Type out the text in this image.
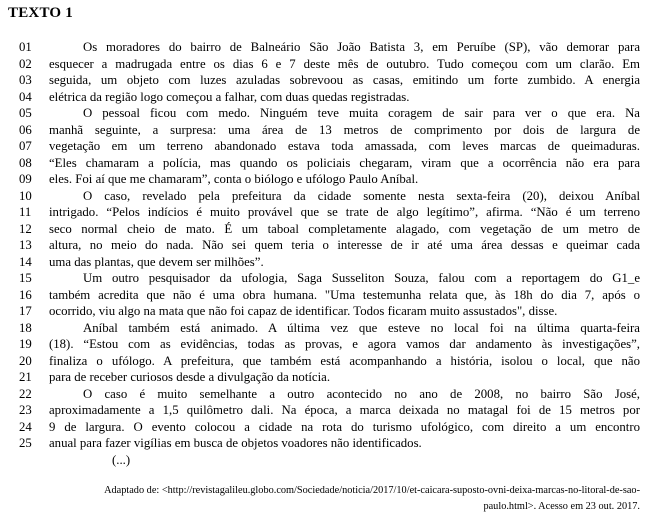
TEXTO 1
01	Os moradores do bairro de Balneário São João Batista 3, em Peruíbe (SP), vão demorar para
02	esquecer a madrugada entre os dias 6 e 7 deste mês de outubro. Tudo começou com um clarão. Em
03	seguida, um objeto com luzes azuladas sobrevoou as casas, emitindo um forte zumbido. A energia
04	elétrica da região logo começou a falhar, com duas quedas registradas.
05	O pessoal ficou com medo. Ninguém teve muita coragem de sair para ver o que era. Na
06	manhã seguinte, a surpresa: uma área de 13 metros de comprimento por dois de largura de
07	vegetação em um terreno abandonado estava toda amassada, com leves marcas de queimaduras.
08	“Eles chamaram a polícia, mas quando os policiais chegaram, viram que a ocorrência não era para
09	eles. Foi aí que me chamaram”, conta o biólogo e ufólogo Paulo Aníbal.
10	O caso, revelado pela prefeitura da cidade somente nesta sexta-feira (20), deixou Aníbal
11	intrigado. “Pelos indícios é muito provável que se trate de algo legítimo”, afirma. “Não é um terreno
12	seco normal cheio de mato. É um taboal completamente alagado, com vegetação de um metro de
13	altura, no meio do nada. Não sei quem teria o interesse de ir até uma área dessas e queimar cada
14	uma das plantas, que devem ser milhões”.
15	Um outro pesquisador da ufologia, Saga Susseliton Souza, falou com a reportagem do G1_e
16	também acredita que não é uma obra humana. "Uma testemunha relata que, às 18h do dia 7, após o
17	ocorrido, viu algo na mata que não foi capaz de identificar. Todos ficaram muito assustados", disse.
18	Aníbal também está animado. A última vez que esteve no local foi na última quarta-feira
19	(18). “Estou com as evidências, todas as provas, e agora vamos dar andamento às investigações”,
20	finaliza o ufólogo. A prefeitura, que também está acompanhando a história, isolou o local, que não
21	para de receber curiosos desde a divulgação da notícia.
22	O caso é muito semelhante a outro acontecido no ano de 2008, no bairro São José,
23	aproximadamente a 1,5 quilômetro dali. Na época, a marca deixada no matagal foi de 15 metros por
24	9 de largura. O evento colocou a cidade na rota do turismo ufológico, com direito a um encontro
25	anual para fazer vigílias em busca de objetos voadores não identificados.
(...)
Adaptado de: <http://revistagalileu.globo.com/Sociedade/noticia/2017/10/et-caicara-suposto-ovni-deixa-marcas-no-litoral-de-sao-
paulo.html>. Acesso em 23 out. 2017.
